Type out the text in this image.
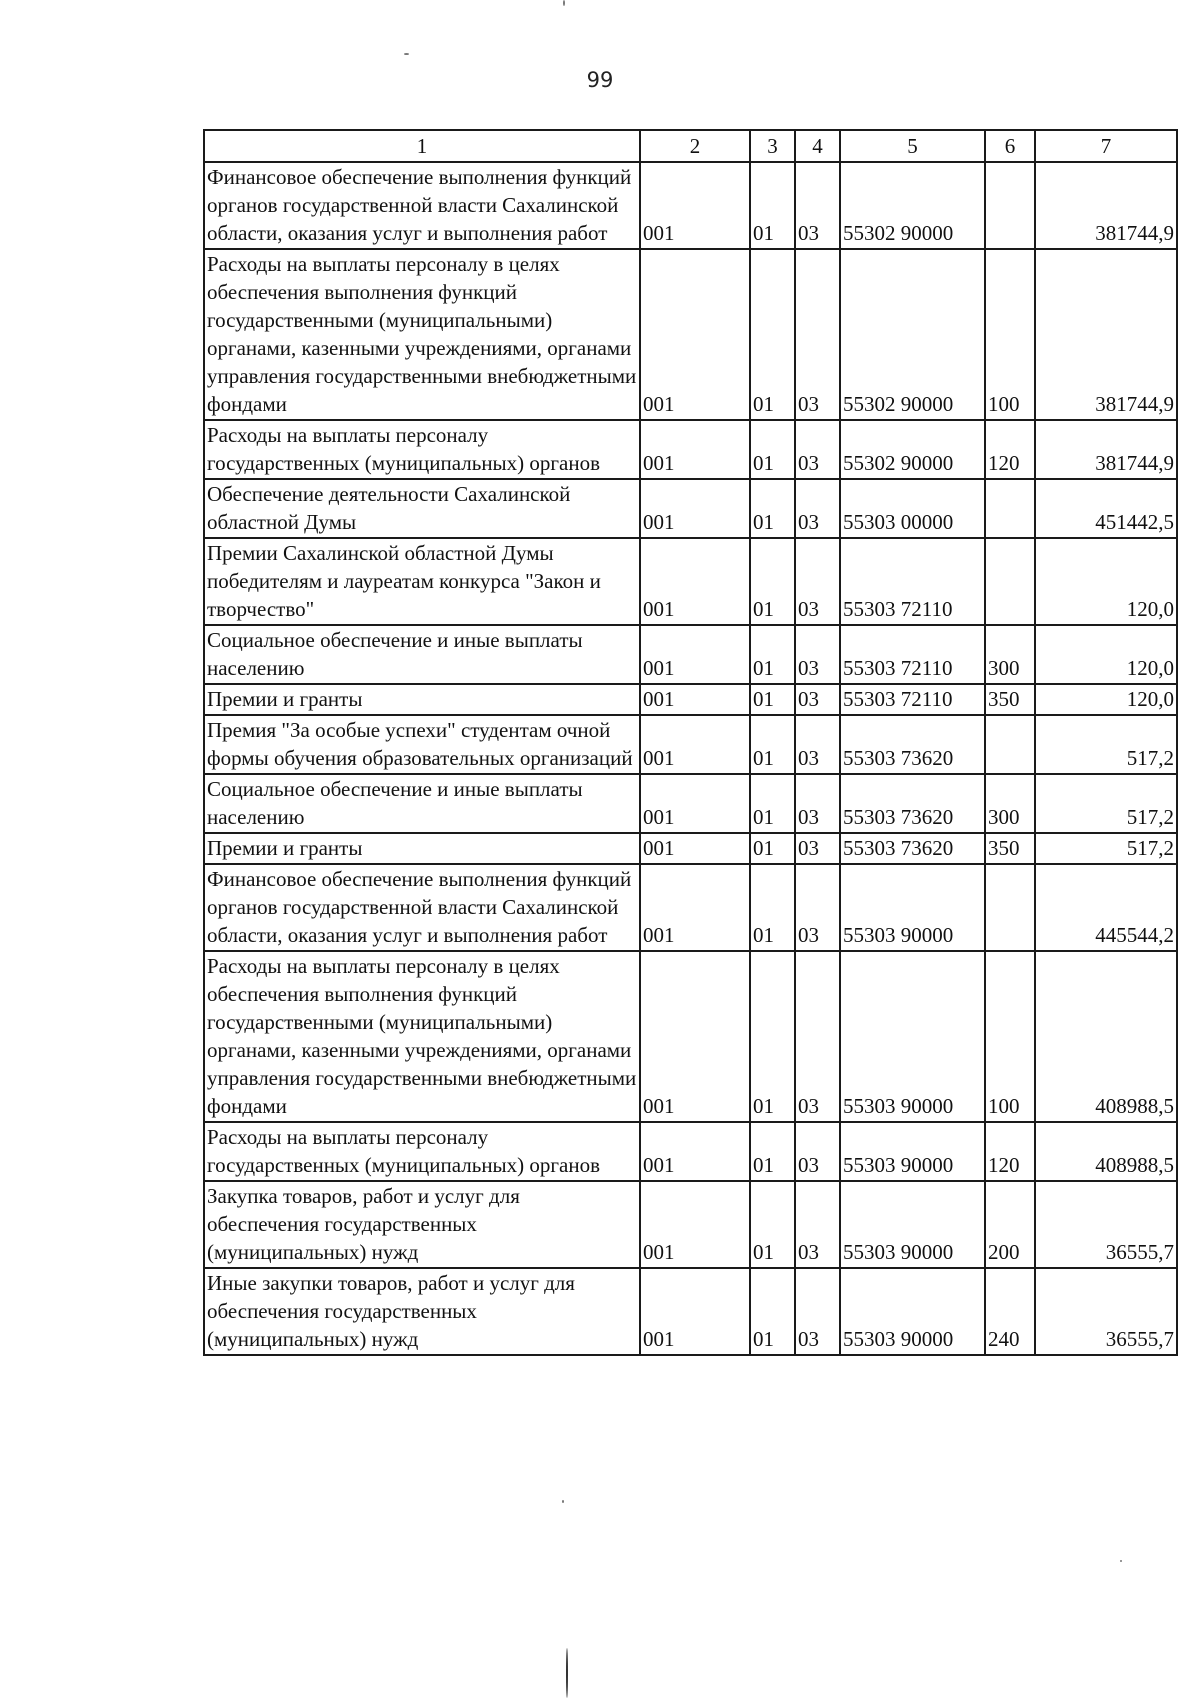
99
1	2	3	4	5	6	7
Финансовое обеспечение выполнения функций органов государственной власти Сахалинской области, оказания услуг и выполнения работ	001	01	03	55302 90000		381744,9
Расходы на выплаты персоналу в целях обеспечения выполнения функций государственными (муниципальными) органами, казенными учреждениями, органами управления государственными внебюджетными фондами	001	01	03	55302 90000	100	381744,9
Расходы на выплаты персоналу государственных (муниципальных) органов	001	01	03	55302 90000	120	381744,9
Обеспечение деятельности Сахалинской областной Думы	001	01	03	55303 00000		451442,5
Премии Сахалинской областной Думы победителям и лауреатам конкурса "Закон и творчество"	001	01	03	55303 72110		120,0
Социальное обеспечение и иные выплаты населению	001	01	03	55303 72110	300	120,0
Премии и гранты	001	01	03	55303 72110	350	120,0
Премия "За особые успехи" студентам очной формы обучения образовательных организаций	001	01	03	55303 73620		517,2
Социальное обеспечение и иные выплаты населению	001	01	03	55303 73620	300	517,2
Премии и гранты	001	01	03	55303 73620	350	517,2
Финансовое обеспечение выполнения функций органов государственной власти Сахалинской области, оказания услуг и выполнения работ	001	01	03	55303 90000		445544,2
Расходы на выплаты персоналу в целях обеспечения выполнения функций государственными (муниципальными) органами, казенными учреждениями, органами управления государственными внебюджетными фондами	001	01	03	55303 90000	100	408988,5
Расходы на выплаты персоналу государственных (муниципальных) органов	001	01	03	55303 90000	120	408988,5
Закупка товаров, работ и услуг для обеспечения государственных (муниципальных) нужд	001	01	03	55303 90000	200	36555,7
Иные закупки товаров, работ и услуг для обеспечения государственных (муниципальных) нужд	001	01	03	55303 90000	240	36555,7
